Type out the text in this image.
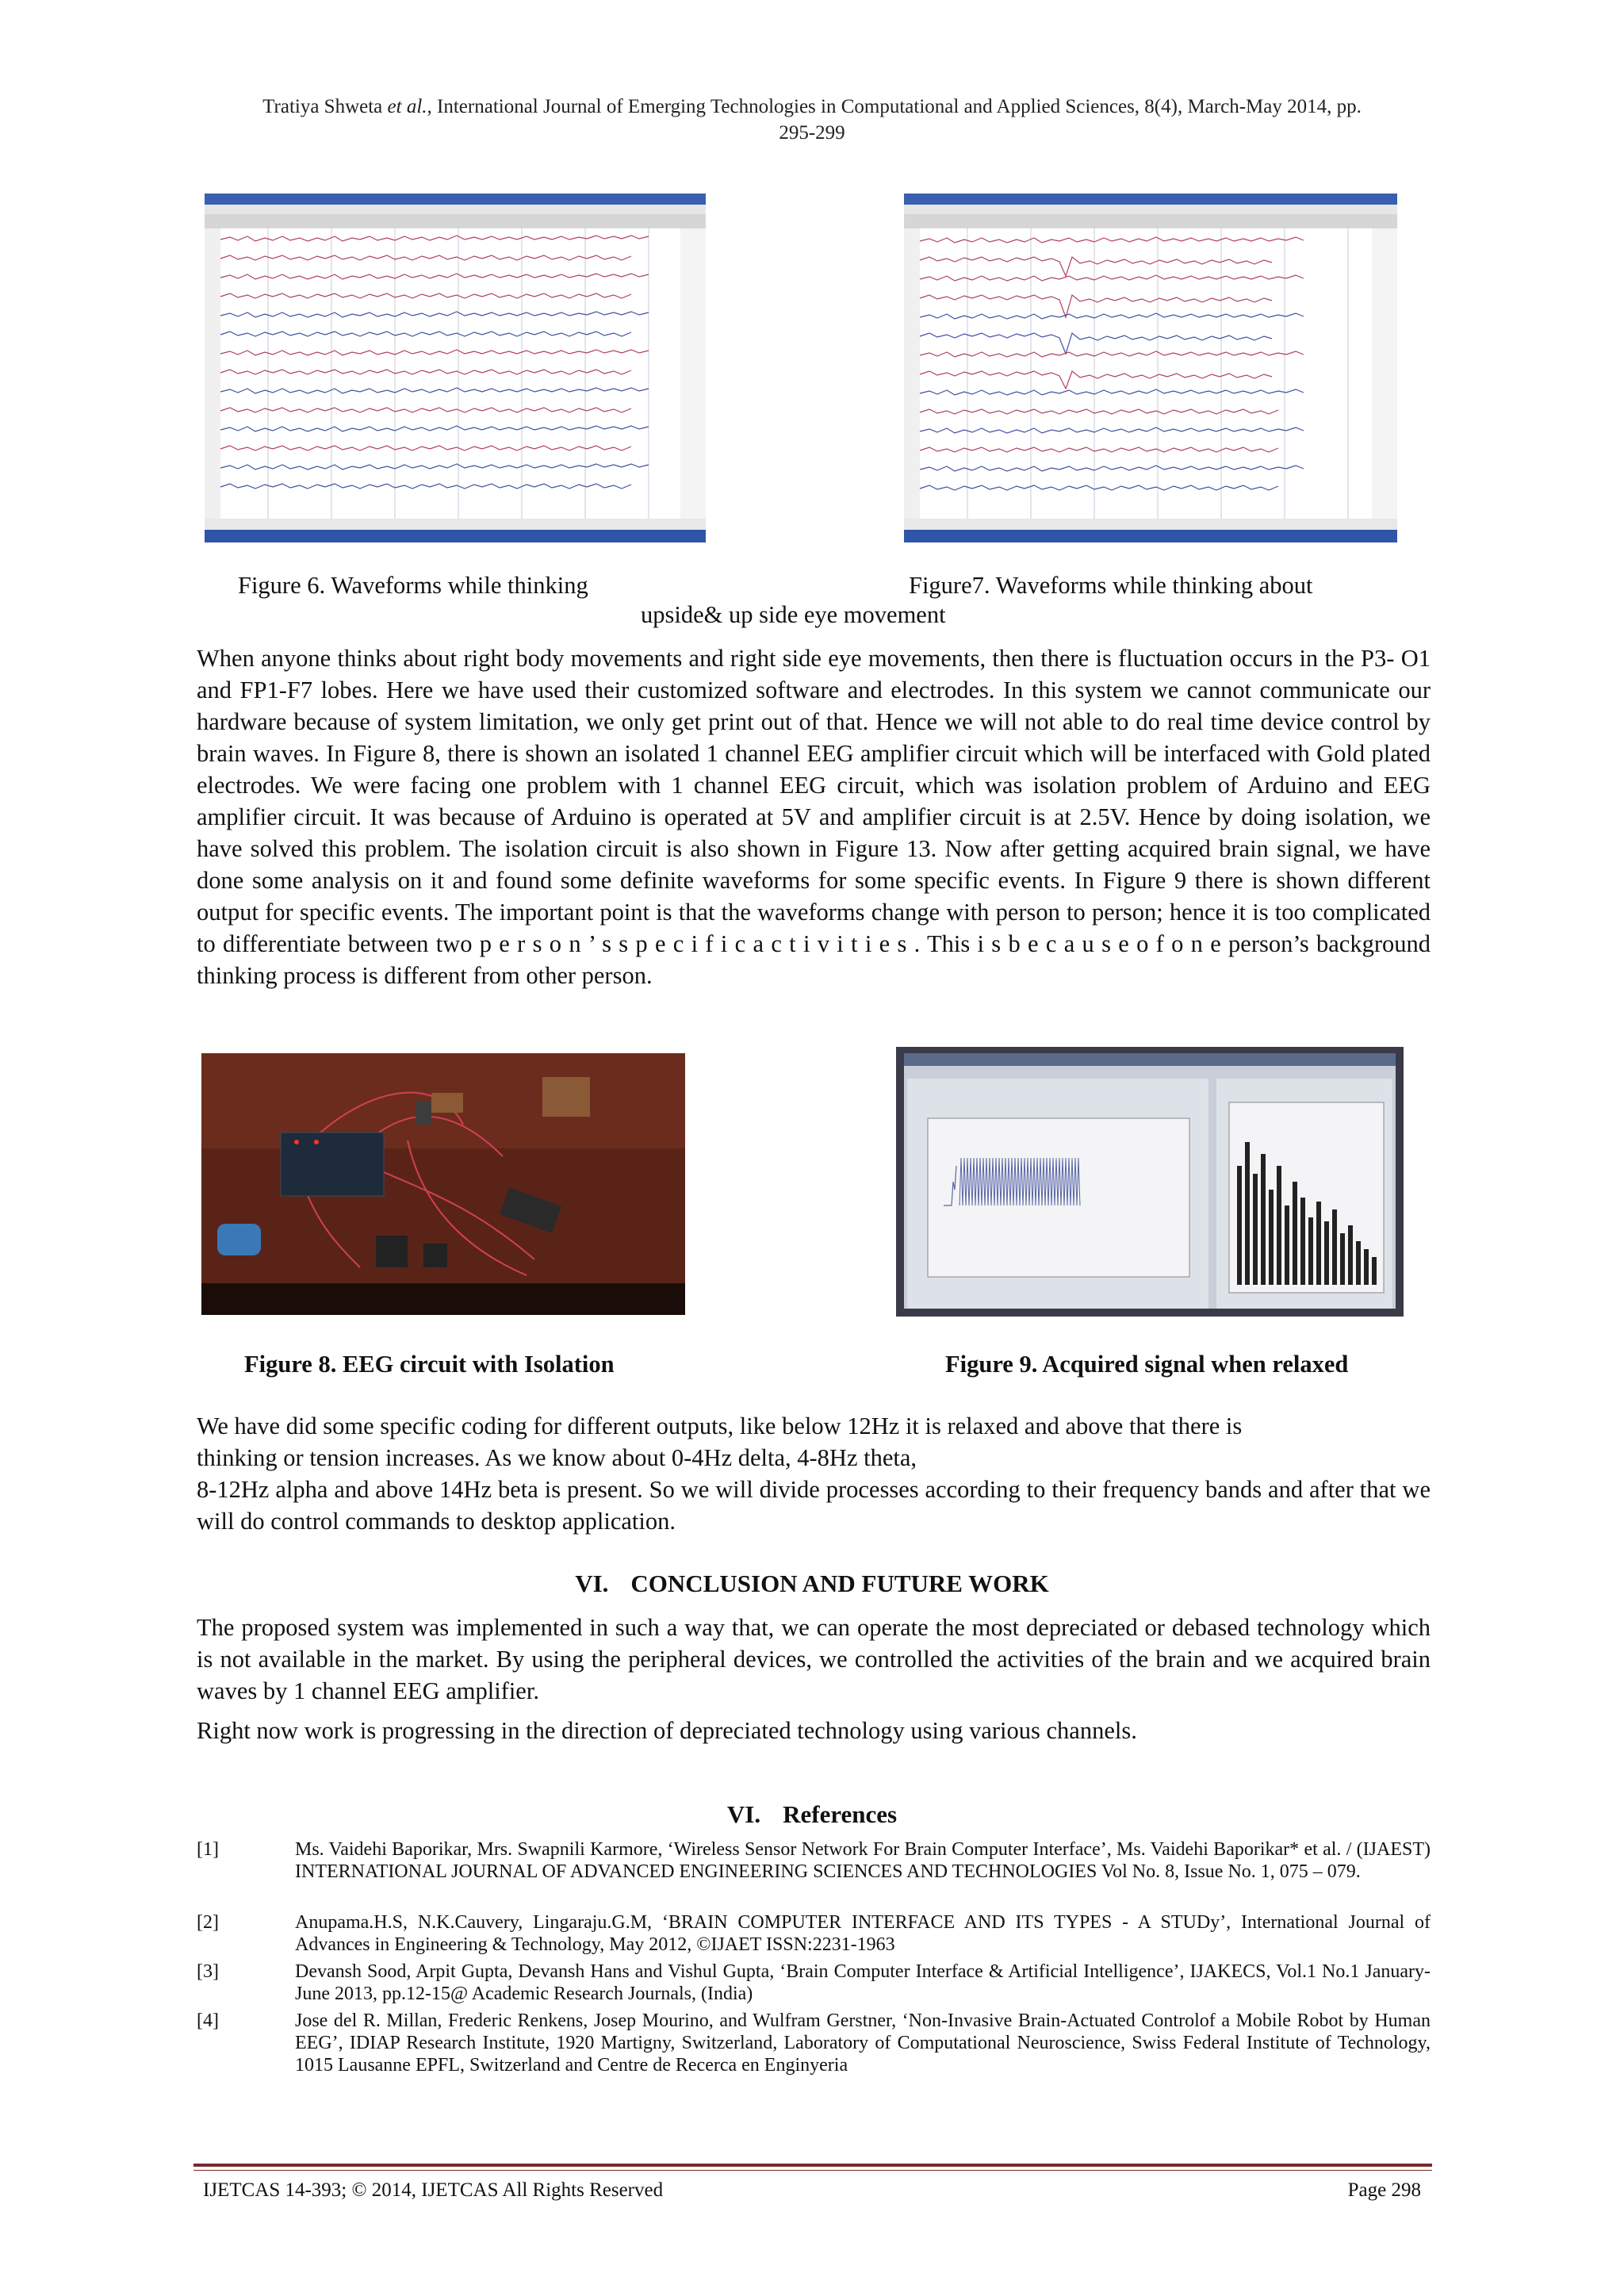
Tratiya Shweta et al., International Journal of Emerging Technologies in Computational and Applied Sciences, 8(4), March-May 2014, pp.
295-299
Figure 6. Waveforms while thinking	Figure7. Waveforms while thinking about
upside& up side eye movement
When anyone thinks about right body movements and right side eye movements, then there is fluctuation occurs in the P3- O1 and FP1-F7 lobes. Here we have used their customized software and electrodes. In this system we cannot communicate our hardware because of system limitation, we only get print out of that. Hence we will not able to do real time device control by brain waves. In Figure 8, there is shown an isolated 1 channel EEG amplifier circuit which will be interfaced with Gold plated electrodes. We were facing one problem with 1 channel EEG circuit, which was isolation problem of Arduino and EEG amplifier circuit. It was because of Arduino is operated at 5V and amplifier circuit is at 2.5V. Hence by doing isolation, we have solved this problem. The isolation circuit is also shown in Figure 13. Now after getting acquired brain signal, we have done some analysis on it and found some definite waveforms for some specific events. In Figure 9 there is shown different output for specific events. The important point is that the waveforms change with person to person; hence it is too complicated to differentiate between two p e r s o n ’ s s p e c i f i c a c t i v i t i e s . This i s b e c a u s e o f o n e person’s background thinking process is different from other person.
Figure 8. EEG circuit with Isolation	Figure 9. Acquired signal when relaxed
We have did some specific coding for different outputs, like below 12Hz it is relaxed and above that there is
thinking or tension increases. As we know about 0-4Hz delta, 4-8Hz theta,
8-12Hz alpha and above 14Hz beta is present. So we will divide processes according to their frequency bands and after that we will do control commands to desktop application.
VI. CONCLUSION AND FUTURE WORK
The proposed system was implemented in such a way that, we can operate the most depreciated or debased technology which is not available in the market. By using the peripheral devices, we controlled the activities of the brain and we acquired brain waves by 1 channel EEG amplifier.
Right now work is progressing in the direction of depreciated technology using various channels.
VI. References
[1]	Ms. Vaidehi Baporikar, Mrs. Swapnili Karmore, ‘Wireless Sensor Network For Brain Computer Interface’, Ms. Vaidehi Baporikar* et al. / (IJAEST) INTERNATIONAL JOURNAL OF ADVANCED ENGINEERING SCIENCES AND TECHNOLOGIES Vol No. 8, Issue No. 1, 075 – 079.
[2]	Anupama.H.S, N.K.Cauvery, Lingaraju.G.M, ‘BRAIN COMPUTER INTERFACE AND ITS TYPES - A STUDy’, International Journal of Advances in Engineering & Technology, May 2012, ©IJAET ISSN:2231-1963
[3]	Devansh Sood, Arpit Gupta, Devansh Hans and Vishul Gupta, ‘Brain Computer Interface & Artificial Intelligence’, IJAKECS, Vol.1 No.1 January- June 2013, pp.12-15@ Academic Research Journals, (India)
[4]	Jose del R. Millan, Frederic Renkens, Josep Mourino, and Wulfram Gerstner, ‘Non-Invasive Brain-Actuated Controlof a Mobile Robot by Human EEG’, IDIAP Research Institute, 1920 Martigny, Switzerland, Laboratory of Computational Neuroscience, Swiss Federal Institute of Technology, 1015 Lausanne EPFL, Switzerland and Centre de Recerca en Enginyeria
IJETCAS 14-393; © 2014, IJETCAS All Rights Reserved	Page 298
